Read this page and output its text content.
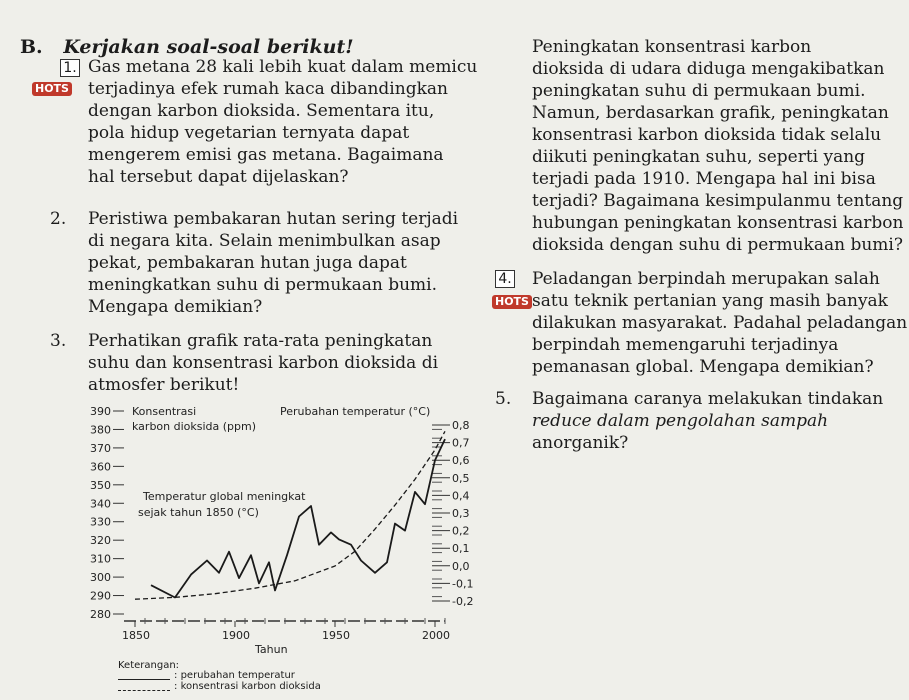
B. Kerjakan soal-soal berikut!
1.
HOTS
Gas metana 28 kali lebih kuat dalam memicu
terjadinya efek rumah kaca dibandingkan
dengan karbon dioksida. Sementara itu,
pola hidup vegetarian ternyata dapat
mengerem emisi gas metana. Bagaimana
hal tersebut dapat dijelaskan?
2. Peristiwa pembakaran hutan sering terjadi
di negara kita. Selain menimbulkan asap
pekat, pembakaran hutan juga dapat
meningkatkan suhu di permukaan bumi.
Mengapa demikian?
3. Perhatikan grafik rata-rata peningkatan
suhu dan konsentrasi karbon dioksida di
atmosfer berikut!
Peningkatan konsentrasi karbon
dioksida di udara diduga mengakibatkan
peningkatan suhu di permukaan bumi.
Namun, berdasarkan grafik, peningkatan
konsentrasi karbon dioksida tidak selalu
diikuti peningkatan suhu, seperti yang
terjadi pada 1910. Mengapa hal ini bisa
terjadi? Bagaimana kesimpulanmu tentang
hubungan peningkatan konsentrasi karbon
dioksida dengan suhu di permukaan bumi?
4.
HOTS
Peladangan berpindah merupakan salah
satu teknik pertanian yang masih banyak
dilakukan masyarakat. Padahal peladangan
berpindah memengaruhi terjadinya
pemanasan global. Mengapa demikian?
5. Bagaimana caranya melakukan tindakan
reduce dalam pengolahan sampah
anorganik?
Konsentrasi
karbon dioksida (ppm)
Perubahan temperatur (°C)
Temperatur global meningkat
sejak tahun 1850 (°C)
Tahun
390
380
370
360
350
340
330
320
310
300
290
280
0,8
0,7
0,6
0,5
0,4
0,3
0,2
0,1
0,0
-0,1
-0,2
1850	1900	1950	2000
Keterangan:
: perubahan temperatur
: konsentrasi karbon dioksida
